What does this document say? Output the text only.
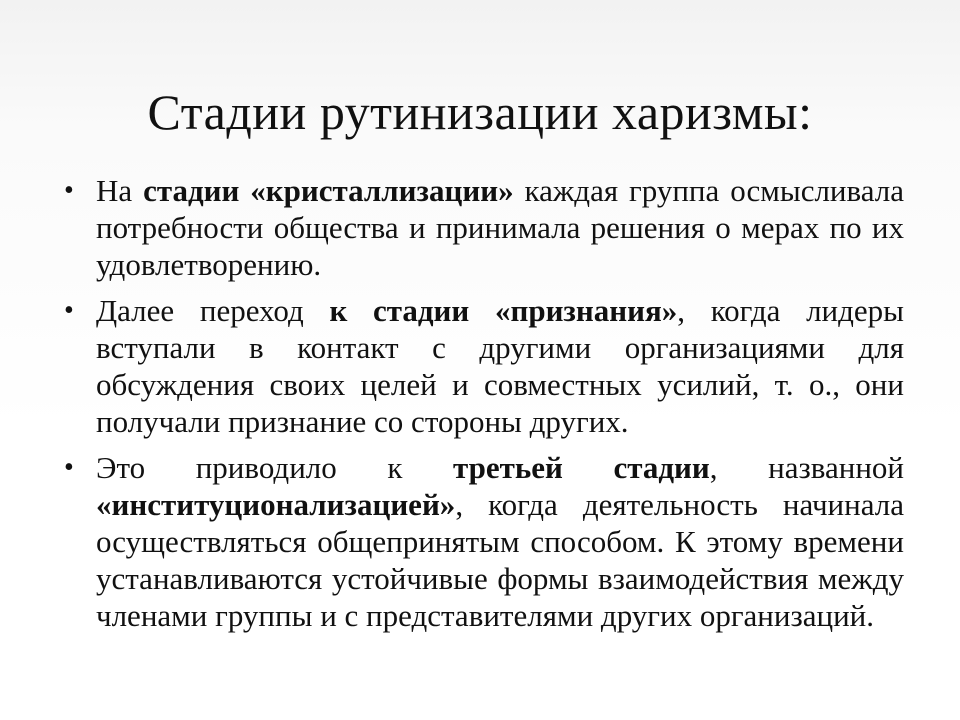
Стадии рутинизации харизмы:
• На стадии «кристаллизации» каждая группа осмысливала потребности общества и принимала решения о мерах по их удовлетворению.
• Далее переход к стадии «признания», когда лидеры вступали в контакт с другими организациями для обсуждения своих целей и совместных усилий, т. о., они получали признание со стороны других.
• Это приводило к третьей стадии, названной «институционализацией», когда деятельность начинала осуществляться общепринятым способом. К этому времени устанавливаются устойчивые формы взаимодействия между членами группы и с представителями других организаций.
